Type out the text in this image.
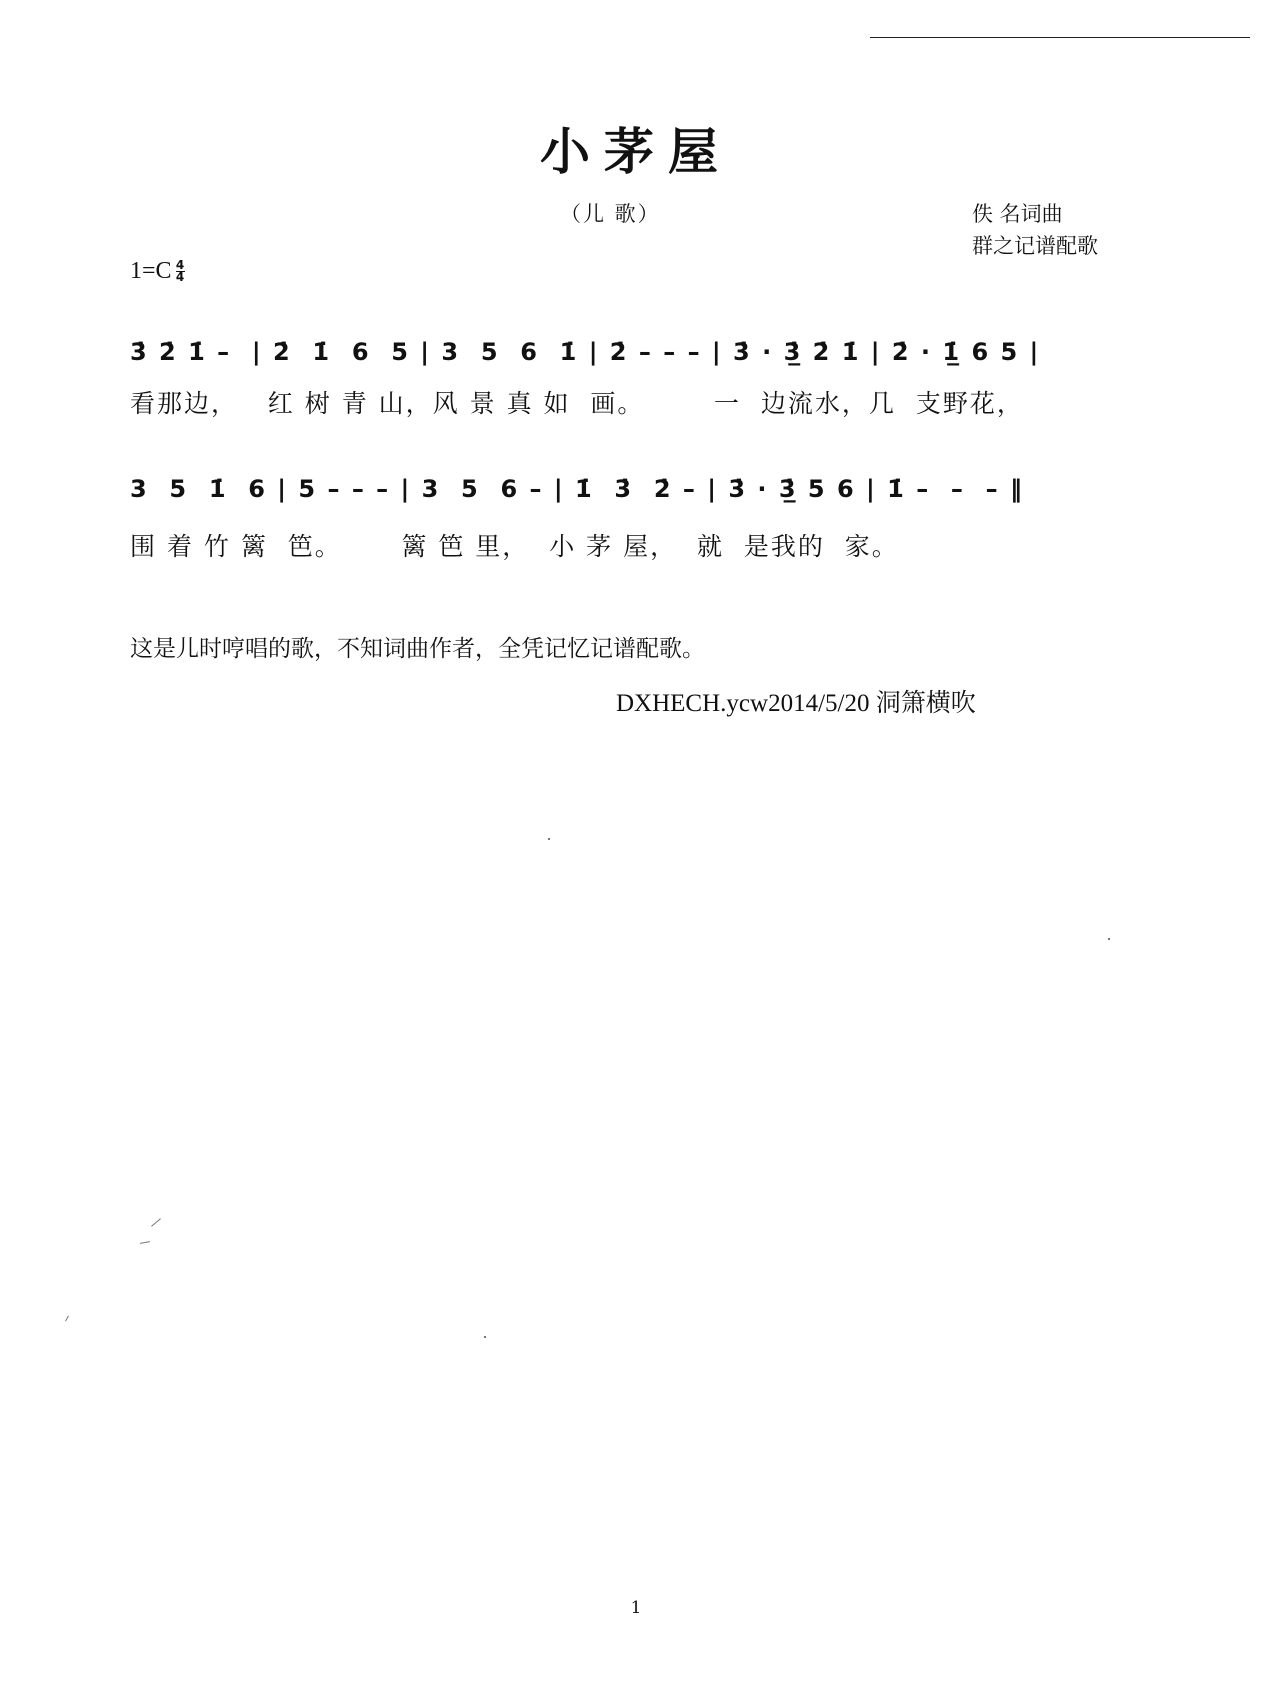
小茅屋
（儿 歌）	佚 名词曲
群之记谱配歌
$1=C \frac{4}{4}$
3̇ 2̇ 1̇ –  | 2̇  1̇  6  5 | 3  5  6  1̇ | 2̇ – – – | 3̇ · 3̲̇ 2̇ 1̇ | 2̇ · 1̲̇ 6 5 |
看那边，   红 树 青 山，风 景 真 如  画。       一  边流水，几  支野花，
3  5  1̇  6 | 5 – – – | 3  5  6 – | 1̇  3̇  2̇ – | 3̇ · 3̲̇ 5 6 | 1̇ –  –  – ‖
围 着 竹 篱  笆。      篱 笆 里，  小 茅 屋，  就  是我的  家。
这是儿时哼唱的歌，不知词曲作者，全凭记忆记谱配歌。
DXHECH.ycw2014/5/20 洞箫横吹
1
